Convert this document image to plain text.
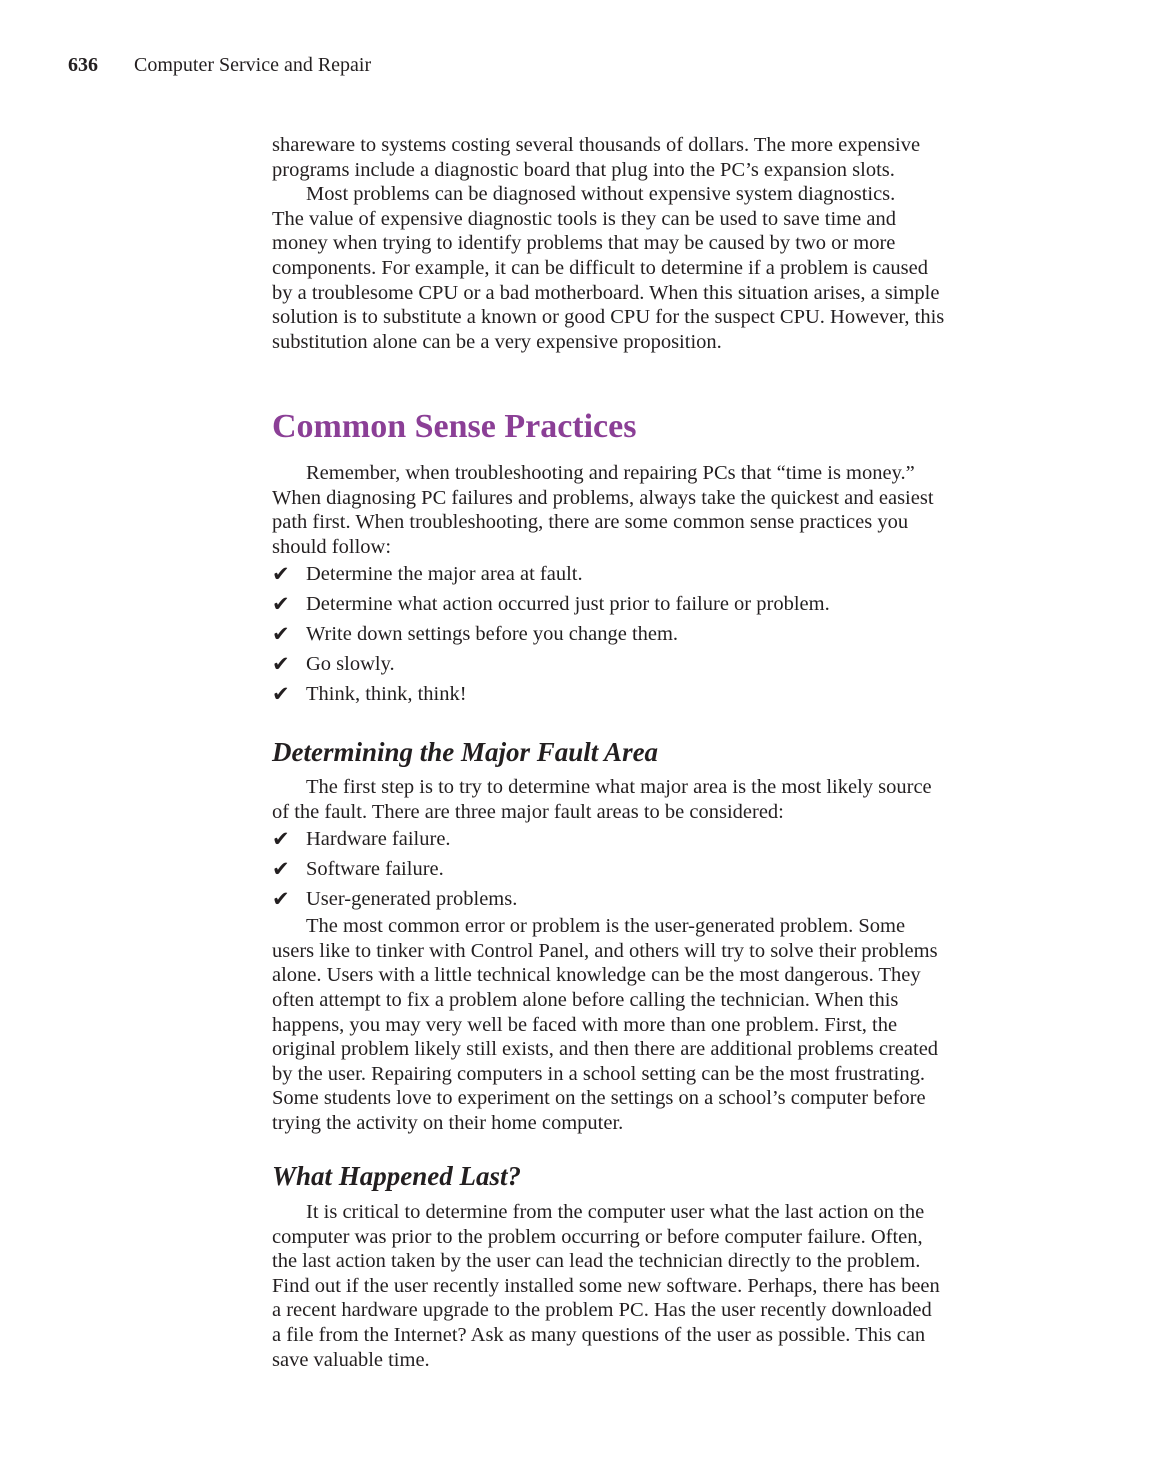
636 Computer Service and Repair
shareware to systems costing several thousands of dollars. The more expensive
programs include a diagnostic board that plug into the PC’s expansion slots.
Most problems can be diagnosed without expensive system diagnostics.
The value of expensive diagnostic tools is they can be used to save time and
money when trying to identify problems that may be caused by two or more
components. For example, it can be difficult to determine if a problem is caused
by a troublesome CPU or a bad motherboard. When this situation arises, a simple
solution is to substitute a known or good CPU for the suspect CPU. However, this
substitution alone can be a very expensive proposition.
Common Sense Practices
Remember, when troubleshooting and repairing PCs that “time is money.”
When diagnosing PC failures and problems, always take the quickest and easiest
path first. When troubleshooting, there are some common sense practices you
should follow:
✔ Determine the major area at fault.
✔ Determine what action occurred just prior to failure or problem.
✔ Write down settings before you change them.
✔ Go slowly.
✔ Think, think, think!
Determining the Major Fault Area
The first step is to try to determine what major area is the most likely source
of the fault. There are three major fault areas to be considered:
✔ Hardware failure.
✔ Software failure.
✔ User-generated problems.
The most common error or problem is the user-generated problem. Some
users like to tinker with Control Panel, and others will try to solve their problems
alone. Users with a little technical knowledge can be the most dangerous. They
often attempt to fix a problem alone before calling the technician. When this
happens, you may very well be faced with more than one problem. First, the
original problem likely still exists, and then there are additional problems created
by the user. Repairing computers in a school setting can be the most frustrating.
Some students love to experiment on the settings on a school’s computer before
trying the activity on their home computer.
What Happened Last?
It is critical to determine from the computer user what the last action on the
computer was prior to the problem occurring or before computer failure. Often,
the last action taken by the user can lead the technician directly to the problem.
Find out if the user recently installed some new software. Perhaps, there has been
a recent hardware upgrade to the problem PC. Has the user recently downloaded
a file from the Internet? Ask as many questions of the user as possible. This can
save valuable time.
